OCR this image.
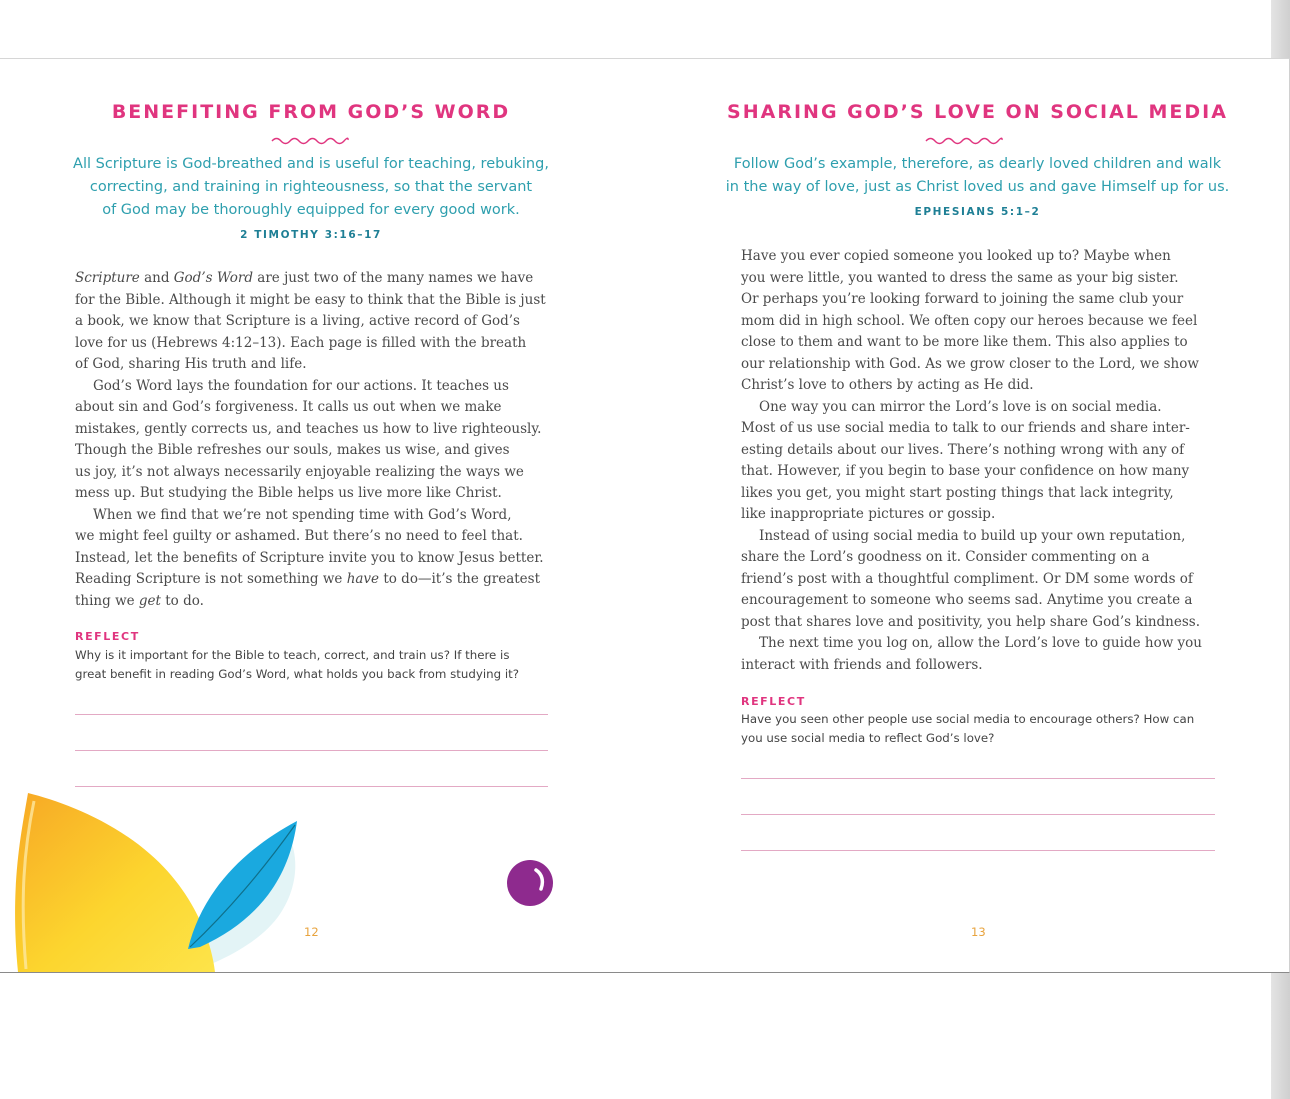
BENEFITING FROM GOD’S WORD

All Scripture is God-breathed and is useful for teaching, rebuking,
correcting, and training in righteousness, so that the servant
of God may be thoroughly equipped for every good work.

2 TIMOTHY 3:16–17
Scripture and God’s Word are just two of the many names we have
for the Bible. Although it might be easy to think that the Bible is just
a book, we know that Scripture is a living, active record of God’s
love for us (Hebrews 4:12–13). Each page is filled with the breath
of God, sharing His truth and life.
God’s Word lays the foundation for our actions. It teaches us
about sin and God’s forgiveness. It calls us out when we make
mistakes, gently corrects us, and teaches us how to live righteously.
Though the Bible refreshes our souls, makes us wise, and gives
us joy, it’s not always necessarily enjoyable realizing the ways we
mess up. But studying the Bible helps us live more like Christ.
When we find that we’re not spending time with God’s Word,
we might feel guilty or ashamed. But there’s no need to feel that.
Instead, let the benefits of Scripture invite you to know Jesus better.
Reading Scripture is not something we have to do—it’s the greatest
thing we get to do.
REFLECT
Why is it important for the Bible to teach, correct, and train us? If there is
great benefit in reading God’s Word, what holds you back from studying it?
12
SHARING GOD’S LOVE ON SOCIAL MEDIA

Follow God’s example, therefore, as dearly loved children and walk
in the way of love, just as Christ loved us and gave Himself up for us.

EPHESIANS 5:1–2
Have you ever copied someone you looked up to? Maybe when
you were little, you wanted to dress the same as your big sister.
Or perhaps you’re looking forward to joining the same club your
mom did in high school. We often copy our heroes because we feel
close to them and want to be more like them. This also applies to
our relationship with God. As we grow closer to the Lord, we show
Christ’s love to others by acting as He did.
One way you can mirror the Lord’s love is on social media.
Most of us use social media to talk to our friends and share inter-
esting details about our lives. There’s nothing wrong with any of
that. However, if you begin to base your confidence on how many
likes you get, you might start posting things that lack integrity,
like inappropriate pictures or gossip.
Instead of using social media to build up your own reputation,
share the Lord’s goodness on it. Consider commenting on a
friend’s post with a thoughtful compliment. Or DM some words of
encouragement to someone who seems sad. Anytime you create a
post that shares love and positivity, you help share God’s kindness.
The next time you log on, allow the Lord’s love to guide how you
interact with friends and followers.
REFLECT
Have you seen other people use social media to encourage others? How can
you use social media to reflect God’s love?
13
